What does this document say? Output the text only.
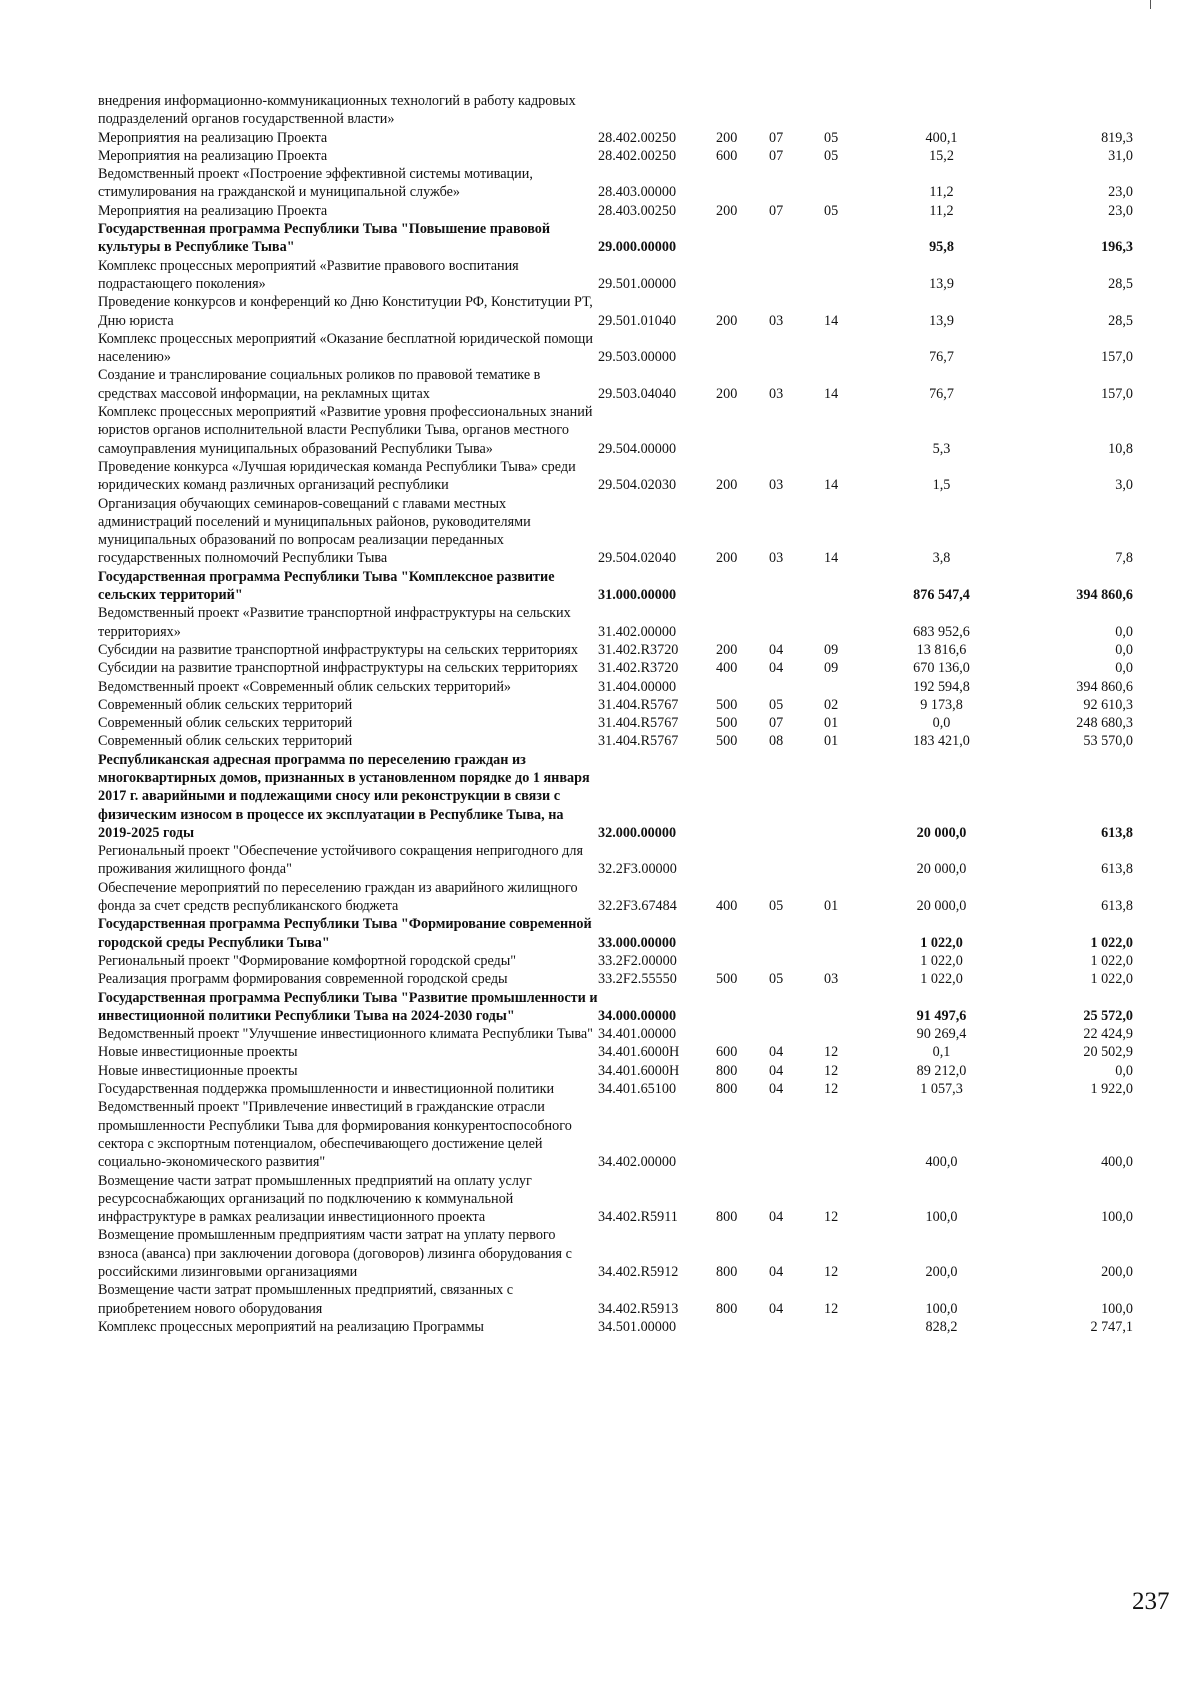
внедрения информационно-коммуникационных технологий в работу кадровых подразделений органов государственной власти»						
Мероприятия на реализацию Проекта	28.402.00250	200	07	05	400,1	819,3
Мероприятия на реализацию Проекта	28.402.00250	600	07	05	15,2	31,0
Ведомственный проект «Построение эффективной системы мотивации, стимулирования на гражданской и муниципальной службе»	28.403.00000				11,2	23,0
Мероприятия на реализацию Проекта	28.403.00250	200	07	05	11,2	23,0
Государственная программа Республики Тыва "Повышение правовой культуры в Республике Тыва"	29.000.00000				95,8	196,3
Комплекс процессных мероприятий «Развитие правового воспитания подрастающего поколения»	29.501.00000				13,9	28,5
Проведение конкурсов и конференций ко Дню Конституции РФ, Конституции РТ, Дню юриста	29.501.01040	200	03	14	13,9	28,5
Комплекс процессных мероприятий «Оказание бесплатной юридической помощи населению»	29.503.00000				76,7	157,0
Создание и транслирование социальных роликов по правовой тематике в средствах массовой информации, на рекламных щитах	29.503.04040	200	03	14	76,7	157,0
Комплекс процессных мероприятий «Развитие уровня профессиональных знаний юристов органов исполнительной власти Республики Тыва, органов местного самоуправления муниципальных образований Республики Тыва»	29.504.00000				5,3	10,8
Проведение конкурса «Лучшая юридическая команда Республики Тыва» среди юридических команд различных организаций республики	29.504.02030	200	03	14	1,5	3,0
Организация обучающих семинаров-совещаний с главами местных администраций поселений и муниципальных районов, руководителями муниципальных образований по вопросам реализации переданных государственных полномочий Республики Тыва	29.504.02040	200	03	14	3,8	7,8
Государственная программа Республики Тыва "Комплексное развитие сельских территорий"	31.000.00000				876 547,4	394 860,6
Ведомственный проект «Развитие транспортной инфраструктуры на сельских территориях»	31.402.00000				683 952,6	0,0
Субсидии на развитие транспортной инфраструктуры на сельских территориях	31.402.R3720	200	04	09	13 816,6	0,0
Субсидии на развитие транспортной инфраструктуры на сельских территориях	31.402.R3720	400	04	09	670 136,0	0,0
Ведомственный проект «Современный облик сельских территорий»	31.404.00000				192 594,8	394 860,6
Современный облик сельских территорий	31.404.R5767	500	05	02	9 173,8	92 610,3
Современный облик сельских территорий	31.404.R5767	500	07	01	0,0	248 680,3
Современный облик сельских территорий	31.404.R5767	500	08	01	183 421,0	53 570,0
Республиканская адресная программа по переселению граждан из многоквартирных домов, признанных в установленном порядке до 1 января 2017 г. аварийными и подлежащими сносу или реконструкции в связи с физическим износом в процессе их эксплуатации в Республике Тыва, на 2019-2025 годы	32.000.00000				20 000,0	613,8
Региональный проект "Обеспечение устойчивого сокращения непригодного для проживания жилищного фонда"	32.2F3.00000				20 000,0	613,8
Обеспечение мероприятий по переселению граждан из аварийного жилищного фонда за счет средств республиканского бюджета	32.2F3.67484	400	05	01	20 000,0	613,8
Государственная программа Республики Тыва "Формирование современной городской среды Республики Тыва"	33.000.00000				1 022,0	1 022,0
Региональный проект "Формирование комфортной городской среды"	33.2F2.00000				1 022,0	1 022,0
Реализация программ формирования современной городской среды	33.2F2.55550	500	05	03	1 022,0	1 022,0
Государственная программа Республики Тыва "Развитие промышленности и инвестиционной политики Республики Тыва на 2024-2030 годы"	34.000.00000				91 497,6	25 572,0
Ведомственный проект "Улучшение инвестиционного климата Республики Тыва"	34.401.00000				90 269,4	22 424,9
Новые инвестиционные проекты	34.401.6000Н	600	04	12	0,1	20 502,9
Новые инвестиционные проекты	34.401.6000Н	800	04	12	89 212,0	0,0
Государственная поддержка промышленности и инвестиционной политики	34.401.65100	800	04	12	1 057,3	1 922,0
Ведомственный проект "Привлечение инвестиций в гражданские отрасли промышленности Республики Тыва для формирования конкурентоспособного сектора с экспортным потенциалом, обеспечивающего достижение целей социально-экономического развития"	34.402.00000				400,0	400,0
Возмещение части затрат промышленных предприятий на оплату услуг ресурсоснабжающих организаций по подключению к коммунальной инфраструктуре в рамках реализации инвестиционного проекта	34.402.R5911	800	04	12	100,0	100,0
Возмещение промышленным предприятиям части затрат на уплату первого взноса (аванса) при заключении договора (договоров) лизинга оборудования с российскими лизинговыми организациями	34.402.R5912	800	04	12	200,0	200,0
Возмещение части затрат промышленных предприятий, связанных с приобретением нового оборудования	34.402.R5913	800	04	12	100,0	100,0
Комплекс процессных мероприятий на реализацию Программы	34.501.00000				828,2	2 747,1
237
